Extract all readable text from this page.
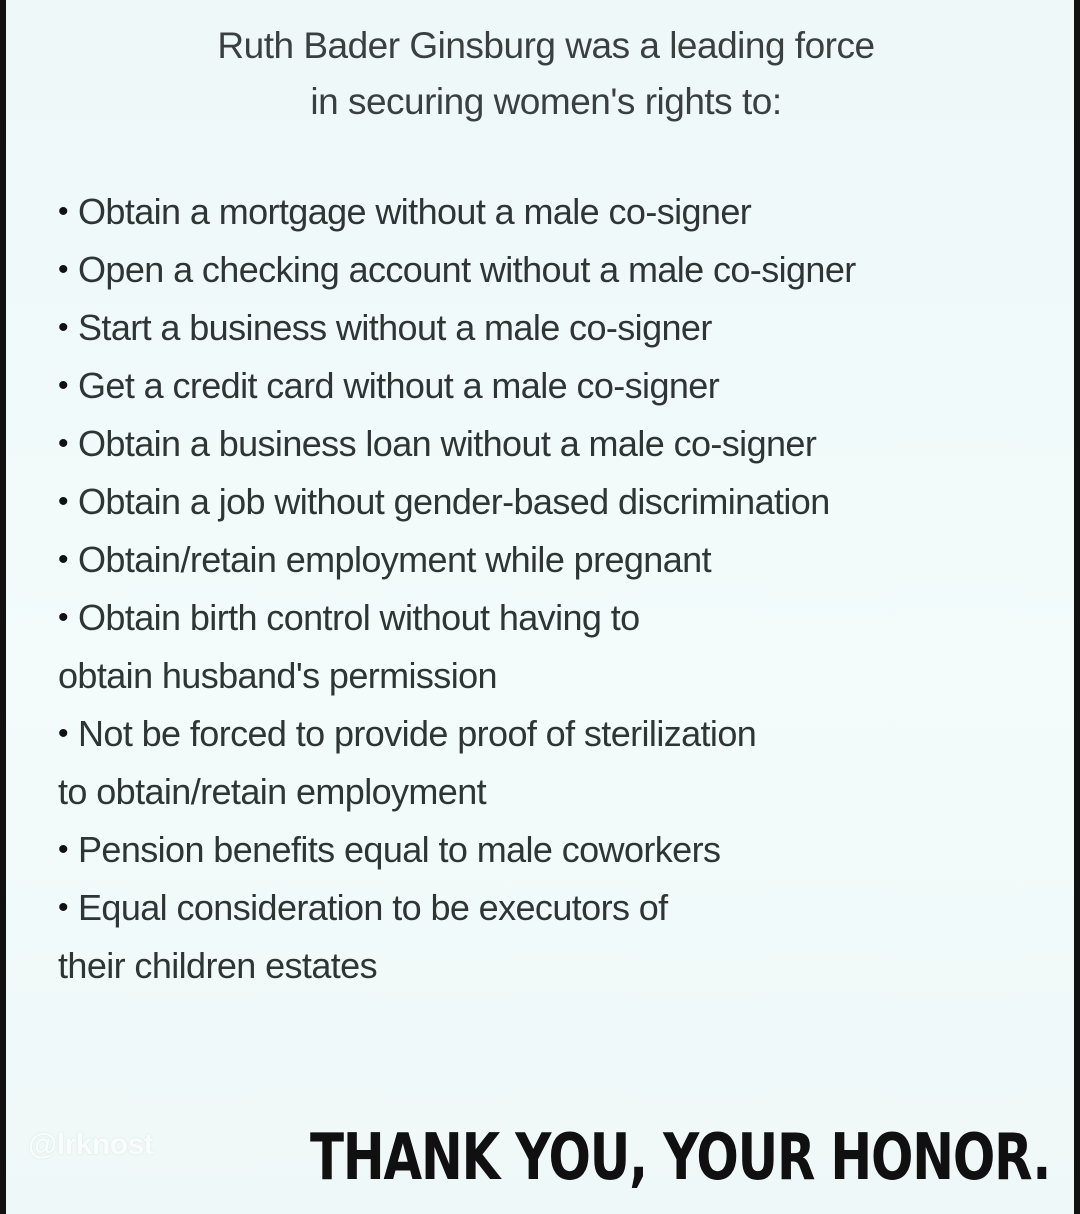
Ruth Bader Ginsburg was a leading force
in securing women's rights to:
• Obtain a mortgage without a male co-signer
• Open a checking account without a male co-signer
• Start a business without a male co-signer
• Get a credit card without a male co-signer
• Obtain a business loan without a male co-signer
• Obtain a job without gender-based discrimination
• Obtain/retain employment while pregnant
• Obtain birth control without having to
obtain husband's permission
• Not be forced to provide proof of sterilization
to obtain/retain employment
• Pension benefits equal to male coworkers
• Equal consideration to be executors of
their children estates
@lrknost THANK YOU, YOUR HONOR.
